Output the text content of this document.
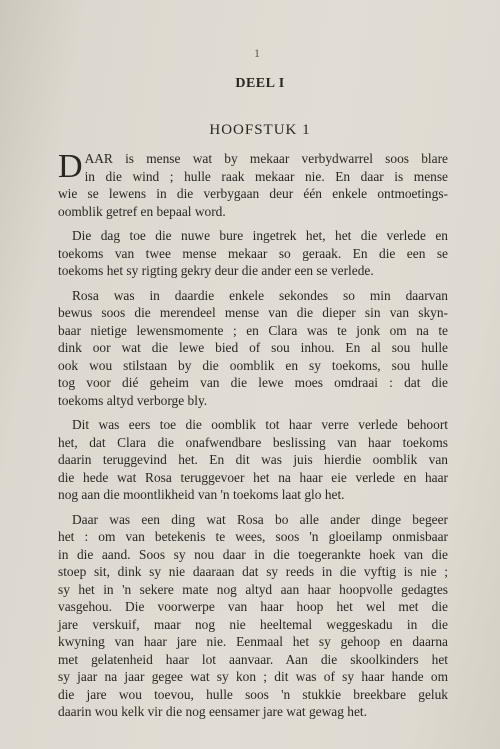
1
DEEL I
HOOFSTUK 1
D AAR is mense wat by mekaar verbydwarrel soos blare
in die wind ; hulle raak mekaar nie. En daar is mense
wie se lewens in die verbygaan deur één enkele ontmoetings-
oomblik getref en bepaal word.
Die dag toe die nuwe bure ingetrek het, het die verlede en
toekoms van twee mense mekaar so geraak. En die een se
toekoms het sy rigting gekry deur die ander een se verlede.
Rosa was in daardie enkele sekondes so min daarvan
bewus soos die merendeel mense van die dieper sin van skyn-
baar nietige lewensmomente ; en Clara was te jonk om na te
dink oor wat die lewe bied of sou inhou. En al sou hulle
ook wou stilstaan by die oomblik en sy toekoms, sou hulle
tog voor dié geheim van die lewe moes omdraai : dat die
toekoms altyd verborge bly.
Dit was eers toe die oomblik tot haar verre verlede behoort
het, dat Clara die onafwendbare beslissing van haar toekoms
daarin teruggevind het. En dit was juis hierdie oomblik van
die hede wat Rosa teruggevoer het na haar eie verlede en haar
nog aan die moontlikheid van 'n toekoms laat glo het.
Daar was een ding wat Rosa bo alle ander dinge begeer
het : om van betekenis te wees, soos 'n gloeilamp onmisbaar
in die aand. Soos sy nou daar in die toegerankte hoek van die
stoep sit, dink sy nie daaraan dat sy reeds in die vyftig is nie ;
sy het in 'n sekere mate nog altyd aan haar hoopvolle gedagtes
vasgehou. Die voorwerpe van haar hoop het wel met die
jare verskuif, maar nog nie heeltemal weggeskadu in die
kwyning van haar jare nie. Eenmaal het sy gehoop en daarna
met gelatenheid haar lot aanvaar. Aan die skoolkinders het
sy jaar na jaar gegee wat sy kon ; dit was of sy haar hande om
die jare wou toevou, hulle soos 'n stukkie breekbare geluk
daarin wou kelk vir die nog eensamer jare wat gewag het.
